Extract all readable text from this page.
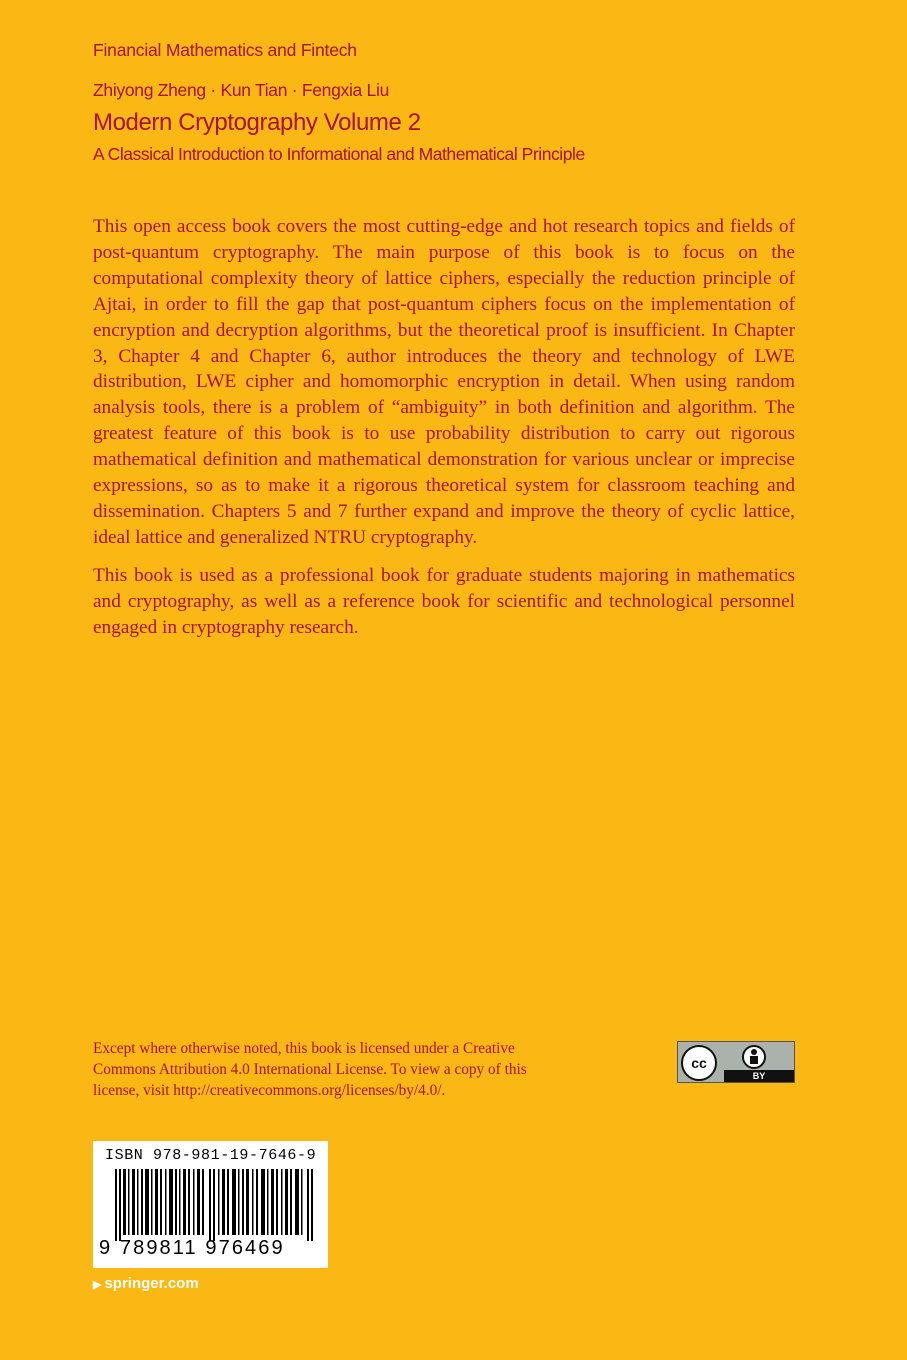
Financial Mathematics and Fintech
Zhiyong Zheng · Kun Tian · Fengxia Liu
Modern Cryptography Volume 2
A Classical Introduction to Informational and Mathematical Principle

This open access book covers the most cutting-edge and hot research topics and fields of post-quantum cryptography. The main purpose of this book is to focus on the computational complexity theory of lattice ciphers, especially the reduction principle of Ajtai, in order to fill the gap that post-quantum ciphers focus on the implementation of encryption and decryption algorithms, but the theoretical proof is insufficient. In Chapter 3, Chapter 4 and Chapter 6, author introduces the theory and technology of LWE distribution, LWE cipher and homomorphic encryption in detail. When using random analysis tools, there is a problem of “ambiguity” in both definition and algorithm. The greatest feature of this book is to use probability distribution to carry out rigorous mathematical definition and mathematical demonstration for various unclear or imprecise expressions, so as to make it a rigorous theoretical system for classroom teaching and dissemination. Chapters 5 and 7 further expand and improve the theory of cyclic lattice, ideal lattice and generalized NTRU cryptography.

This book is used as a professional book for graduate students majoring in mathematics and cryptography, as well as a reference book for scientific and technological personnel engaged in cryptography research.

Except where otherwise noted, this book is licensed under a Creative Commons Attribution 4.0 International License. To view a copy of this license, visit http://creativecommons.org/licenses/by/4.0/.
cc
BY
ISBN 978-981-19-7646-9
9 789811 976469
▶ springer.com
